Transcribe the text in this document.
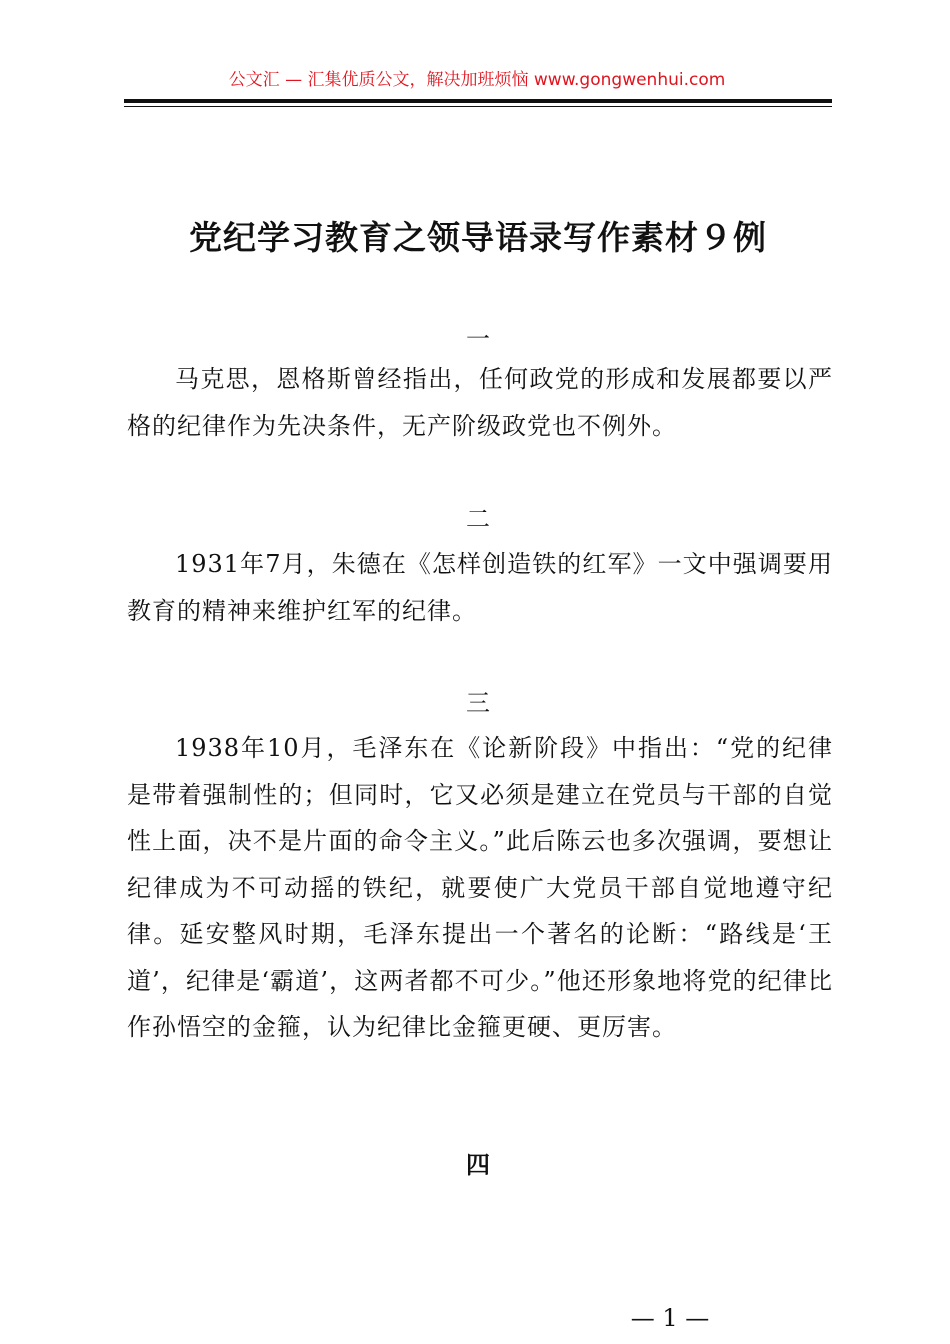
公文汇 — 汇集优质公文，解决加班烦恼 www.gongwenhui.com
党纪学习教育之领导语录写作素材９例
一
马克思，恩格斯曾经指出，任何政党的形成和发展都要以严格的纪律作为先决条件，无产阶级政党也不例外。
二
1931年7月，朱德在《怎样创造铁的红军》一文中强调要用教育的精神来维护红军的纪律。
三
1938年10月，毛泽东在《论新阶段》中指出：“党的纪律是带着强制性的；但同时，它又必须是建立在党员与干部的自觉性上面，决不是片面的命令主义。”此后陈云也多次强调，要想让纪律成为不可动摇的铁纪，就要使广大党员干部自觉地遵守纪律。延安整风时期，毛泽东提出一个著名的论断：“路线是‘王道’，纪律是‘霸道’，这两者都不可少。”他还形象地将党的纪律比作孙悟空的金箍，认为纪律比金箍更硬、更厉害。
四
— 1 —
